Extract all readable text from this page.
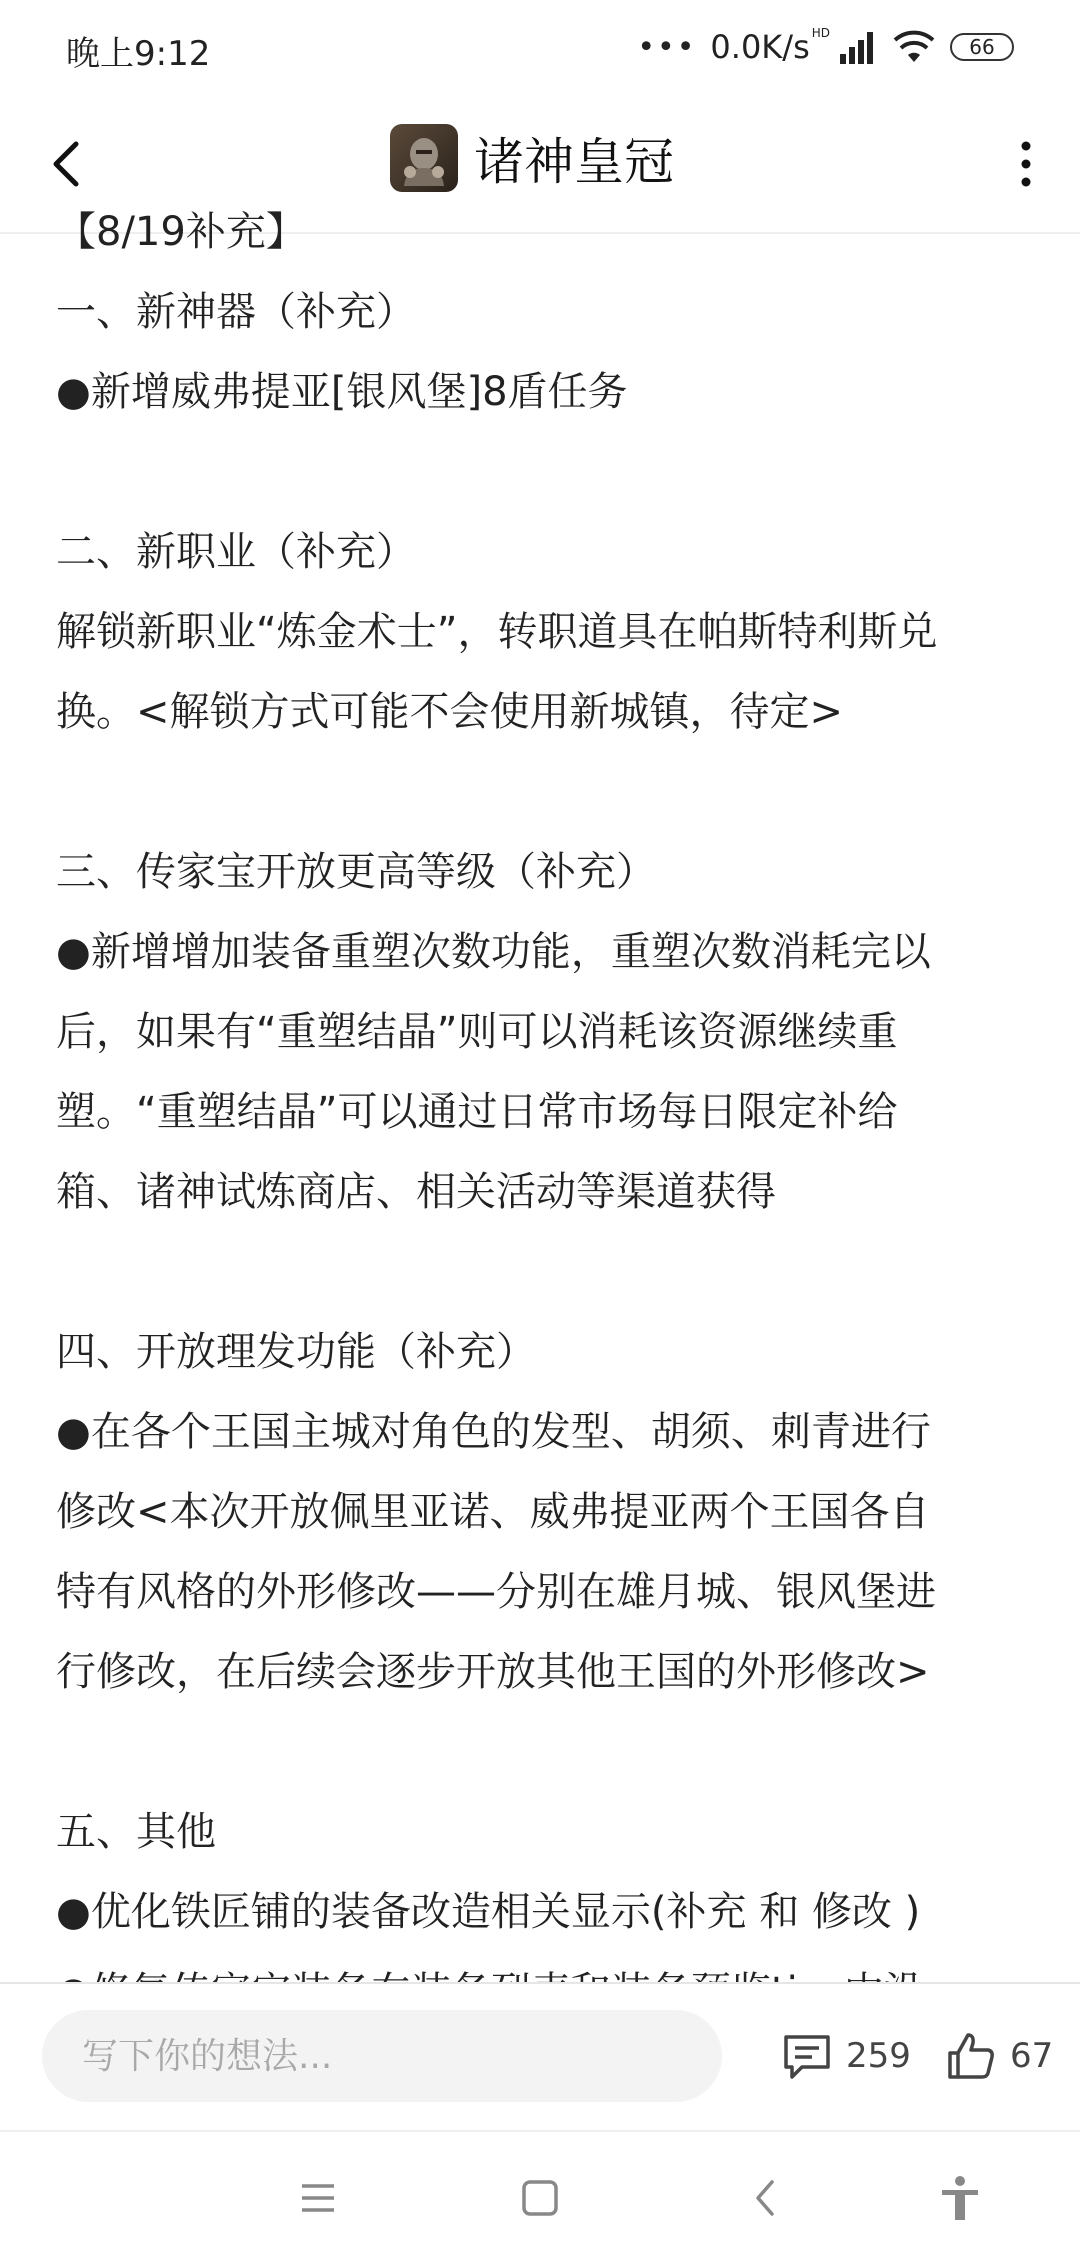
晚上9:12	••• 0.0K/s HD
66
诸神皇冠
【8/19补充】
一、新神器（补充）
●新增威弗提亚[银风堡]8盾任务
二、新职业（补充）
解锁新职业“炼金术士”，转职道具在帕斯特利斯兑
换。<解锁方式可能不会使用新城镇，待定>
三、传家宝开放更高等级（补充）
●新增增加装备重塑次数功能，重塑次数消耗完以
后，如果有“重塑结晶”则可以消耗该资源继续重
塑。“重塑结晶”可以通过日常市场每日限定补给
箱、诸神试炼商店、相关活动等渠道获得
四、开放理发功能（补充）
●在各个王国主城对角色的发型、胡须、刺青进行
修改<本次开放佩里亚诺、威弗提亚两个王国各自
特有风格的外形修改——分别在雄月城、银风堡进
行修改，在后续会逐步开放其他王国的外形修改>
五、其他
●优化铁匠铺的装备改造相关显示(补充 和 修改 )
写下你的想法...
259	67
